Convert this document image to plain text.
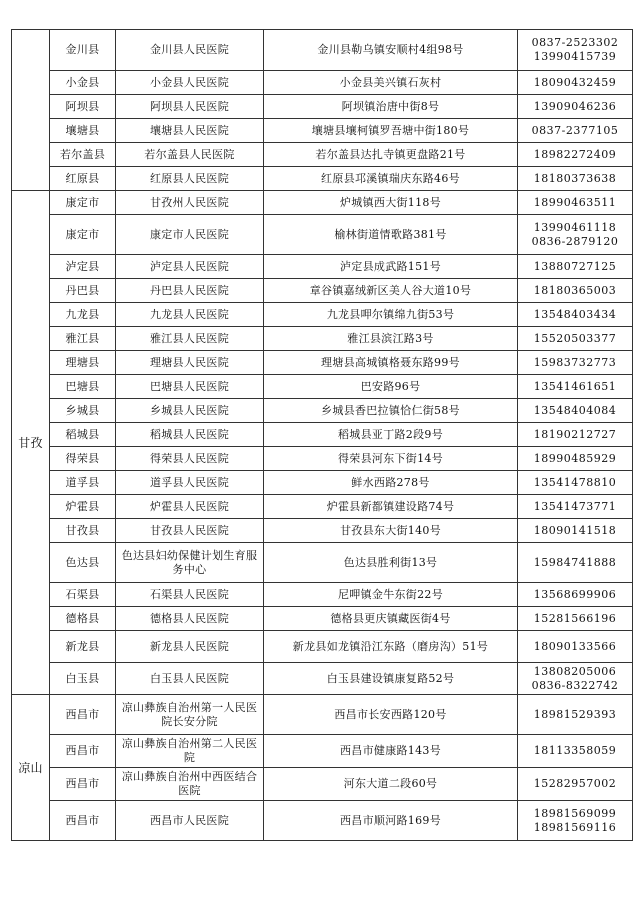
	金川县	金川县人民医院	金川县勒乌镇安顺村4组98号	0837-2523302
13990415739

	小金县	小金县人民医院	小金县美兴镇石灰村	18090432459

	阿坝县	阿坝县人民医院	阿坝镇治唐中街8号	13909046236

	壤塘县	壤塘县人民医院	壤塘县壤柯镇罗吾塘中街180号	0837-2377105

	若尔盖县	若尔盖县人民医院	若尔盖县达扎寺镇更盘路21号	18982272409

	红原县	红原县人民医院	红原县邛溪镇瑞庆东路46号	18180373638

甘孜	康定市	甘孜州人民医院	炉城镇西大街118号	18990463511

	康定市	康定市人民医院	榆林街道情歌路381号	13990461118
0836-2879120

	泸定县	泸定县人民医院	泸定县成武路151号	13880727125

	丹巴县	丹巴县人民医院	章谷镇嘉绒新区美人谷大道10号	18180365003

	九龙县	九龙县人民医院	九龙县呷尔镇绵九街53号	13548403434

	雅江县	雅江县人民医院	雅江县滨江路3号	15520503377

	理塘县	理塘县人民医院	理塘县高城镇格聂东路99号	15983732773

	巴塘县	巴塘县人民医院	巴安路96号	13541461651

	乡城县	乡城县人民医院	乡城县香巴拉镇恰仁街58号	13548404084

	稻城县	稻城县人民医院	稻城县亚丁路2段9号	18190212727

	得荣县	得荣县人民医院	得荣县河东下街14号	18990485929

	道孚县	道孚县人民医院	鲜水西路278号	13541478810

	炉霍县	炉霍县人民医院	炉霍县新都镇建设路74号	13541473771

	甘孜县	甘孜县人民医院	甘孜县东大街140号	18090141518

	色达县	色达县妇幼保健计划生育服务中心	色达县胜利街13号	15984741888

	石渠县	石渠县人民医院	尼呷镇金牛东街22号	13568699906

	德格县	德格县人民医院	德格县更庆镇藏医街4号	15281566196

	新龙县	新龙县人民医院	新龙县如龙镇沿江东路（磨房沟）51号	18090133566

	白玉县	白玉县人民医院	白玉县建设镇康复路52号	13808205006
0836-8322742

凉山	西昌市	凉山彝族自治州第一人民医院长安分院	西昌市长安西路120号	18981529393

	西昌市	凉山彝族自治州第二人民医院	西昌市健康路143号	18113358059

	西昌市	凉山彝族自治州中西医结合医院	河东大道二段60号	15282957002

	西昌市	西昌市人民医院	西昌市顺河路169号	18981569099
18981569116
